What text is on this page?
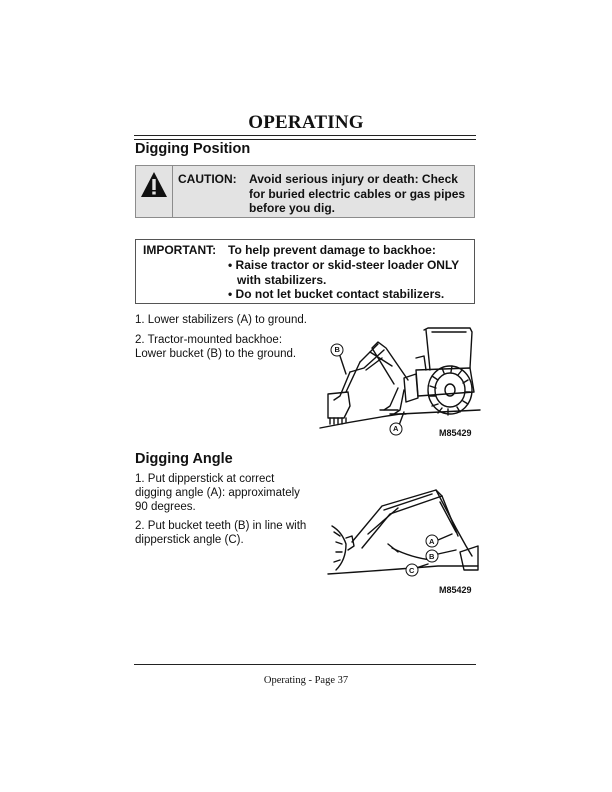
OPERATING
Digging Position
CAUTION: Avoid serious injury or death: Check for buried electric cables or gas pipes before you dig.
IMPORTANT: To help prevent damage to backhoe:
• Raise tractor or skid-steer loader ONLY with stabilizers.
• Do not let bucket contact stabilizers.
1. Lower stabilizers (A) to ground.
2. Tractor-mounted backhoe:
Lower bucket (B) to the ground.	B
A	M85429
Digging Angle
1. Put dipperstick at correct
digging angle (A): approximately
90 degrees.
2. Put bucket teeth (B) in line with
dipperstick angle (C).	A
B
C
M85429
Operating - Page 37
